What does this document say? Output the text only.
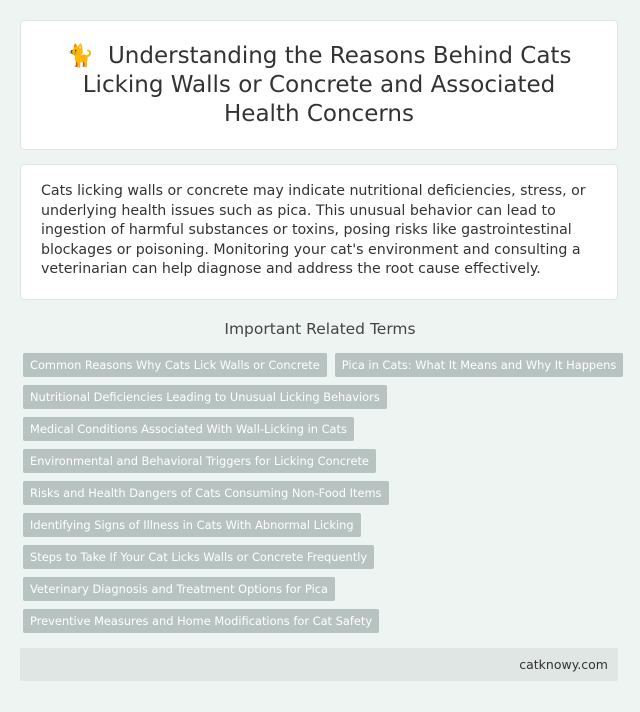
🐈 Understanding the Reasons Behind Cats Licking Walls or Concrete and Associated Health Concerns

Cats licking walls or concrete may indicate nutritional deficiencies, stress, or underlying health issues such as pica. This unusual behavior can lead to ingestion of harmful substances or toxins, posing risks like gastrointestinal blockages or poisoning. Monitoring your cat's environment and consulting a veterinarian can help diagnose and address the root cause effectively.

Important Related Terms
Common Reasons Why Cats Lick Walls or Concrete	Pica in Cats: What It Means and Why It Happens
Nutritional Deficiencies Leading to Unusual Licking Behaviors
Medical Conditions Associated With Wall-Licking in Cats
Environmental and Behavioral Triggers for Licking Concrete
Risks and Health Dangers of Cats Consuming Non-Food Items
Identifying Signs of Illness in Cats With Abnormal Licking
Steps to Take If Your Cat Licks Walls or Concrete Frequently
Veterinary Diagnosis and Treatment Options for Pica
Preventive Measures and Home Modifications for Cat Safety
catknowy.com
